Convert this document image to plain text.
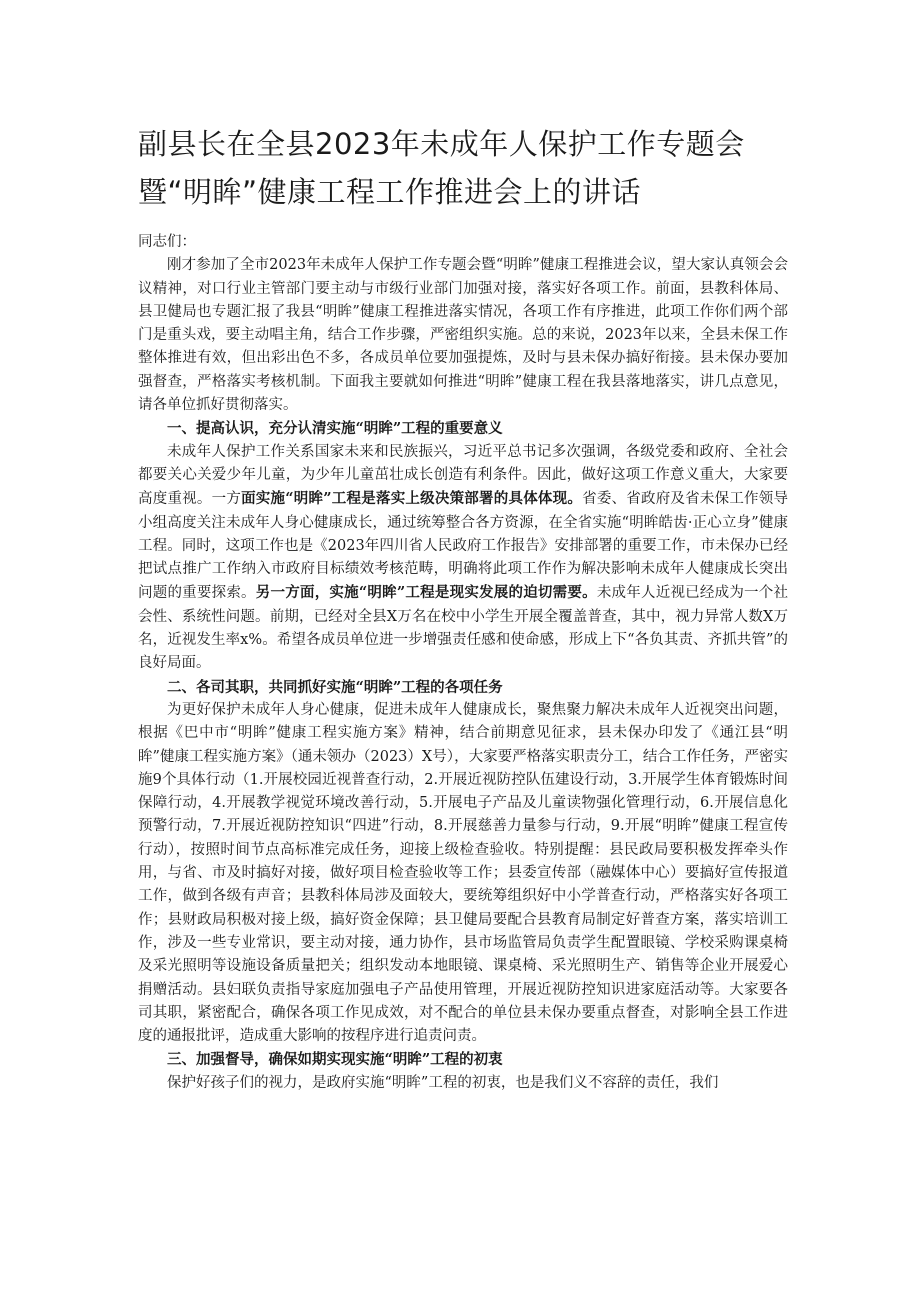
副县长在全县2023年未成年人保护工作专题会暨“明眸”健康工程工作推进会上的讲话

同志们：

刚才参加了全市2023年未成年人保护工作专题会暨“明眸”健康工程推进会议，望大家认真领会会议精神，对口行业主管部门要主动与市级行业部门加强对接，落实好各项工作。前面，县教科体局、县卫健局也专题汇报了我县“明眸”健康工程推进落实情况，各项工作有序推进，此项工作你们两个部门是重头戏，要主动唱主角，结合工作步骤，严密组织实施。总的来说，2023年以来，全县未保工作整体推进有效，但出彩出色不多，各成员单位要加强提炼，及时与县未保办搞好衔接。县未保办要加强督查，严格落实考核机制。下面我主要就如何推进“明眸”健康工程在我县落地落实，讲几点意见，请各单位抓好贯彻落实。

一、提高认识，充分认清实施“明眸”工程的重要意义

未成年人保护工作关系国家未来和民族振兴，习近平总书记多次强调，各级党委和政府、全社会都要关心关爱少年儿童，为少年儿童茁壮成长创造有利条件。因此，做好这项工作意义重大，大家要高度重视。一方面实施“明眸”工程是落实上级决策部署的具体体现。省委、省政府及省未保工作领导小组高度关注未成年人身心健康成长，通过统筹整合各方资源，在全省实施“明眸皓齿·正心立身”健康工程。同时，这项工作也是《2023年四川省人民政府工作报告》安排部署的重要工作，市未保办已经把试点推广工作纳入市政府目标绩效考核范畴，明确将此项工作作为解决影响未成年人健康成长突出问题的重要探索。另一方面，实施“明眸”工程是现实发展的迫切需要。未成年人近视已经成为一个社会性、系统性问题。前期，已经对全县X万名在校中小学生开展全覆盖普查，其中，视力异常人数X万名，近视发生率x%。希望各成员单位进一步增强责任感和使命感，形成上下“各负其责、齐抓共管”的良好局面。

二、各司其职，共同抓好实施“明眸”工程的各项任务

为更好保护未成年人身心健康，促进未成年人健康成长，聚焦聚力解决未成年人近视突出问题，根据《巴中市“明眸”健康工程实施方案》精神，结合前期意见征求，县未保办印发了《通江县“明眸”健康工程实施方案》（通未领办（2023）X号），大家要严格落实职责分工，结合工作任务，严密实施9个具体行动（1.开展校园近视普查行动，2.开展近视防控队伍建设行动，3.开展学生体育锻炼时间保障行动，4.开展教学视觉环境改善行动，5.开展电子产品及儿童读物强化管理行动，6.开展信息化预警行动，7.开展近视防控知识“四进”行动，8.开展慈善力量参与行动，9.开展“明眸”健康工程宣传行动），按照时间节点高标准完成任务，迎接上级检查验收。特别提醒：县民政局要积极发挥牵头作用，与省、市及时搞好对接，做好项目检查验收等工作；县委宣传部（融媒体中心）要搞好宣传报道工作，做到各级有声音；县教科体局涉及面较大，要统筹组织好中小学普查行动，严格落实好各项工作；县财政局积极对接上级，搞好资金保障；县卫健局要配合县教育局制定好普查方案，落实培训工作，涉及一些专业常识，要主动对接，通力协作，县市场监管局负责学生配置眼镜、学校采购课桌椅及采光照明等设施设备质量把关；组织发动本地眼镜、课桌椅、采光照明生产、销售等企业开展爱心捐赠活动。县妇联负责指导家庭加强电子产品使用管理，开展近视防控知识进家庭活动等。大家要各司其职，紧密配合，确保各项工作见成效，对不配合的单位县未保办要重点督查，对影响全县工作进度的通报批评，造成重大影响的按程序进行追责问责。

三、加强督导，确保如期实现实施“明眸”工程的初衷

保护好孩子们的视力，是政府实施“明眸”工程的初衷，也是我们义不容辞的责任，我们
